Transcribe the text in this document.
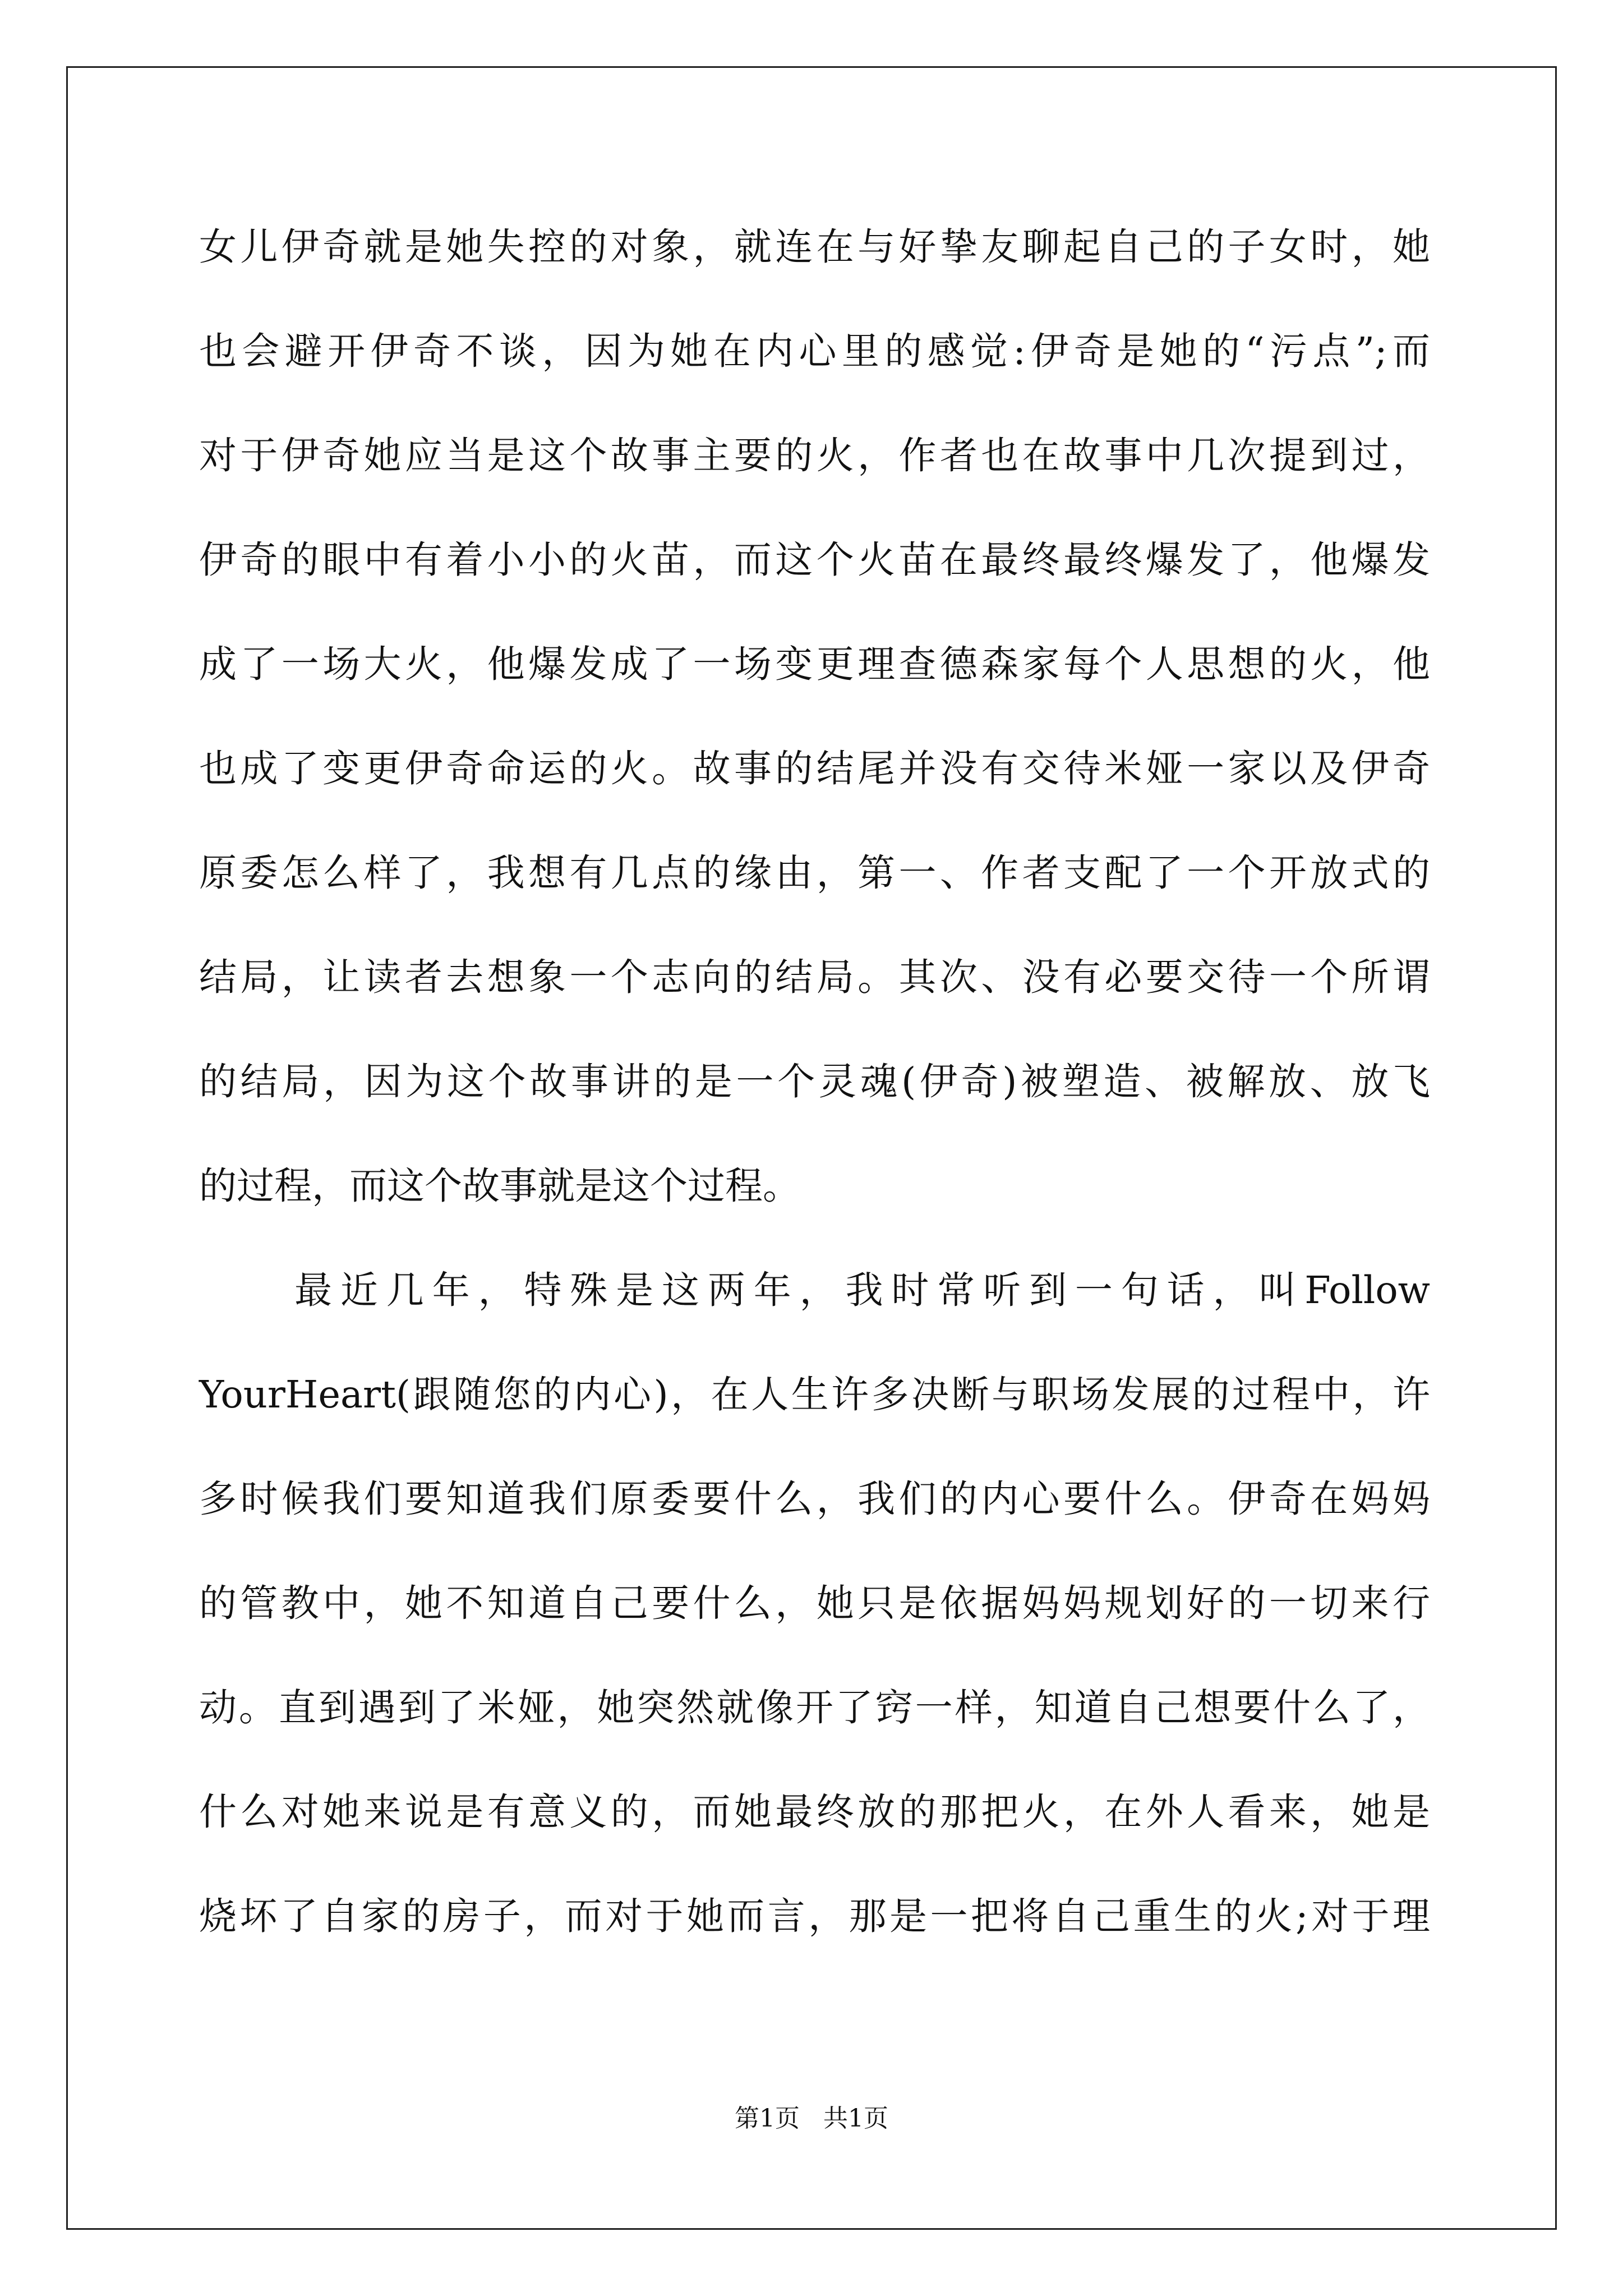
女儿伊奇就是她失控的对象，就连在与好挚友聊起自己的子女时，她
也会避开伊奇不谈，因为她在内心里的感觉:伊奇是她的“污点”;而
对于伊奇她应当是这个故事主要的火，作者也在故事中几次提到过，
伊奇的眼中有着小小的火苗，而这个火苗在最终最终爆发了，他爆发
成了一场大火，他爆发成了一场变更理查德森家每个人思想的火，他
也成了变更伊奇命运的火。故事的结尾并没有交待米娅一家以及伊奇
原委怎么样了，我想有几点的缘由，第一、作者支配了一个开放式的
结局，让读者去想象一个志向的结局。其次、没有必要交待一个所谓
的结局，因为这个故事讲的是一个灵魂(伊奇)被塑造、被解放、放飞
的过程，而这个故事就是这个过程。
最近几年，特殊是这两年，我时常听到一句话，叫Follow
YourHeart(跟随您的内心)，在人生许多决断与职场发展的过程中，许
多时候我们要知道我们原委要什么，我们的内心要什么。伊奇在妈妈
的管教中，她不知道自己要什么，她只是依据妈妈规划好的一切来行
动。直到遇到了米娅，她突然就像开了窍一样，知道自己想要什么了，
什么对她来说是有意义的，而她最终放的那把火，在外人看来，她是
烧坏了自家的房子，而对于她而言，那是一把将自己重生的火;对于理
第1页   共1页
